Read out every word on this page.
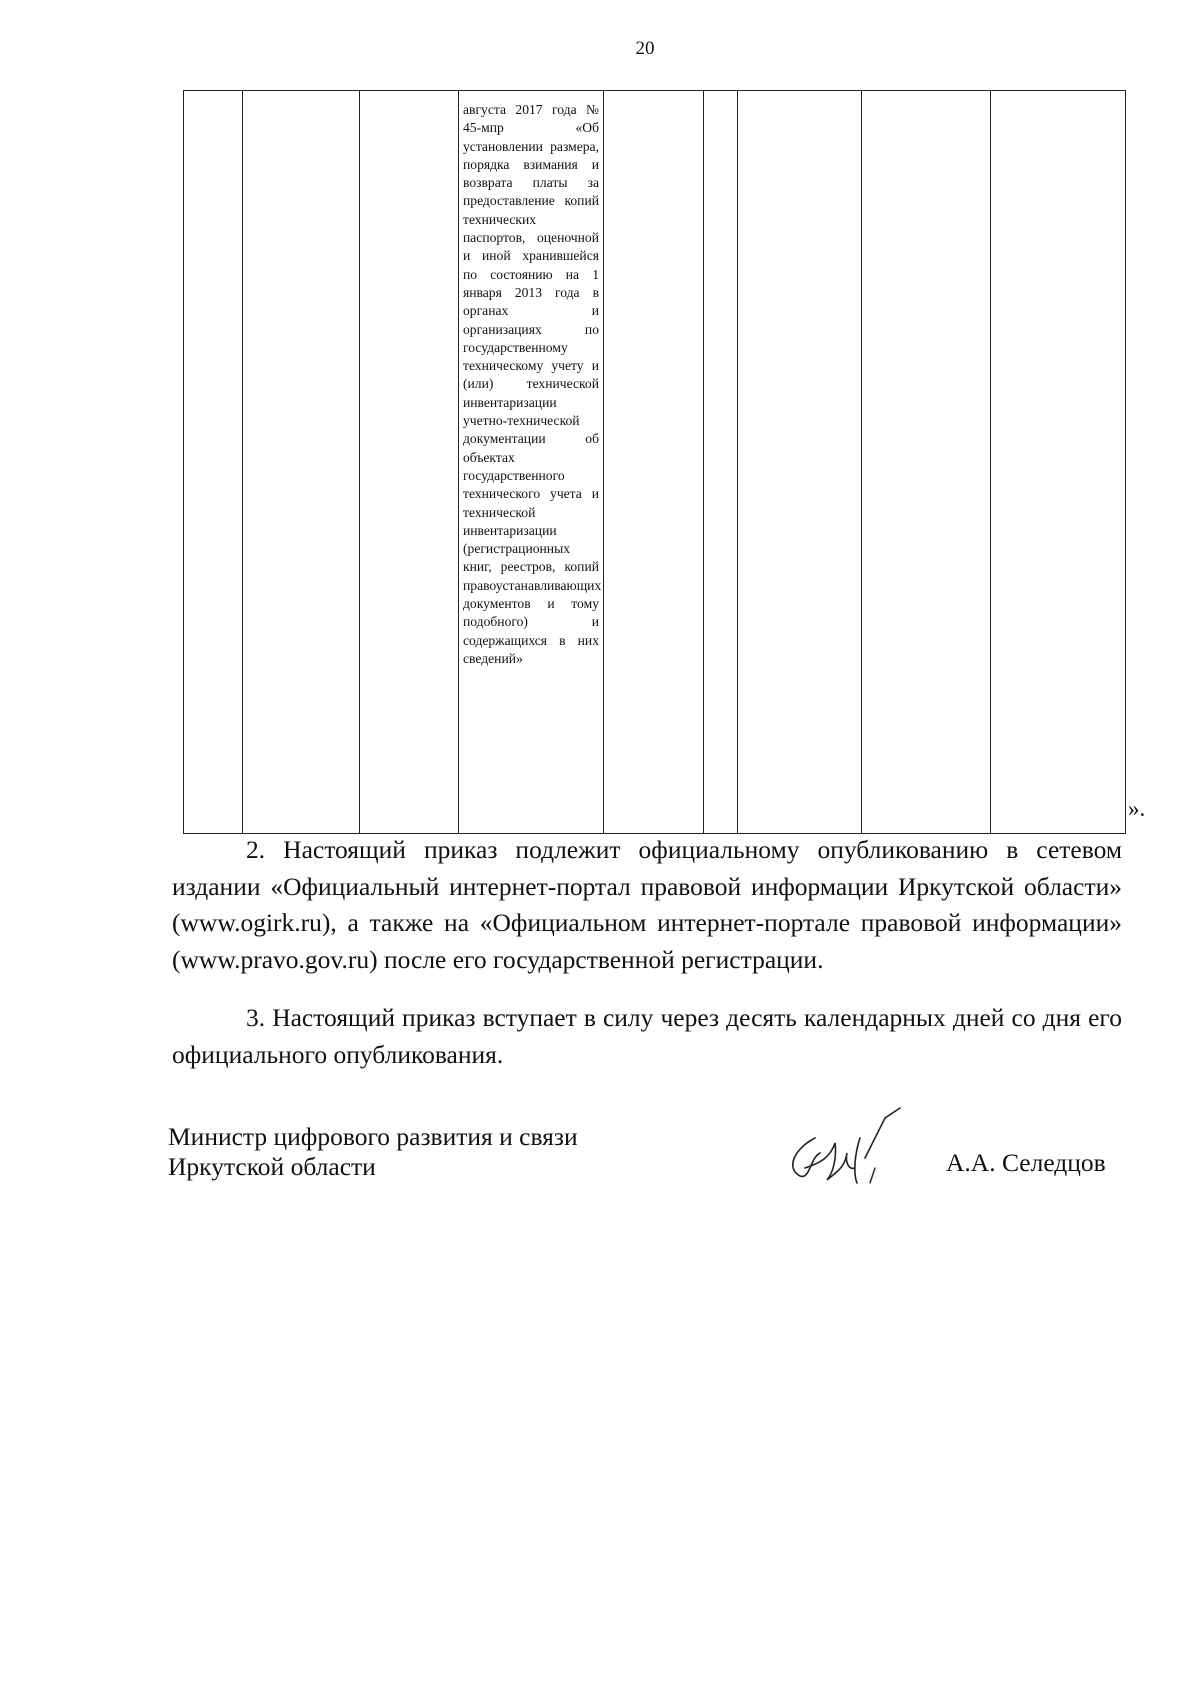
20

августа 2017 года № 45-мпр «Об установлении размера, порядка взимания и возврата платы за предоставление копий технических паспортов, оценочной и иной хранившейся по состоянию на 1 января 2013 года в органах и организациях по государственному техническому учету и (или) технической инвентаризации учетно-технической документации об объектах государственного технического учета и технической инвентаризации (регистрационных книг, реестров, копий правоустанавливающих документов и тому подобного) и содержащихся в них сведений»

».
2. Настоящий приказ подлежит официальному опубликованию в сетевом издании «Официальный интернет-портал правовой информации Иркутской области» (www.ogirk.ru), а также на «Официальном интернет-портале правовой информации» (www.pravo.gov.ru) после его государственной регистрации.
3. Настоящий приказ вступает в силу через десять календарных дней со дня его официального опубликования.
Министр цифрового развития и связи
Иркутской области	А.А. Селедцов
